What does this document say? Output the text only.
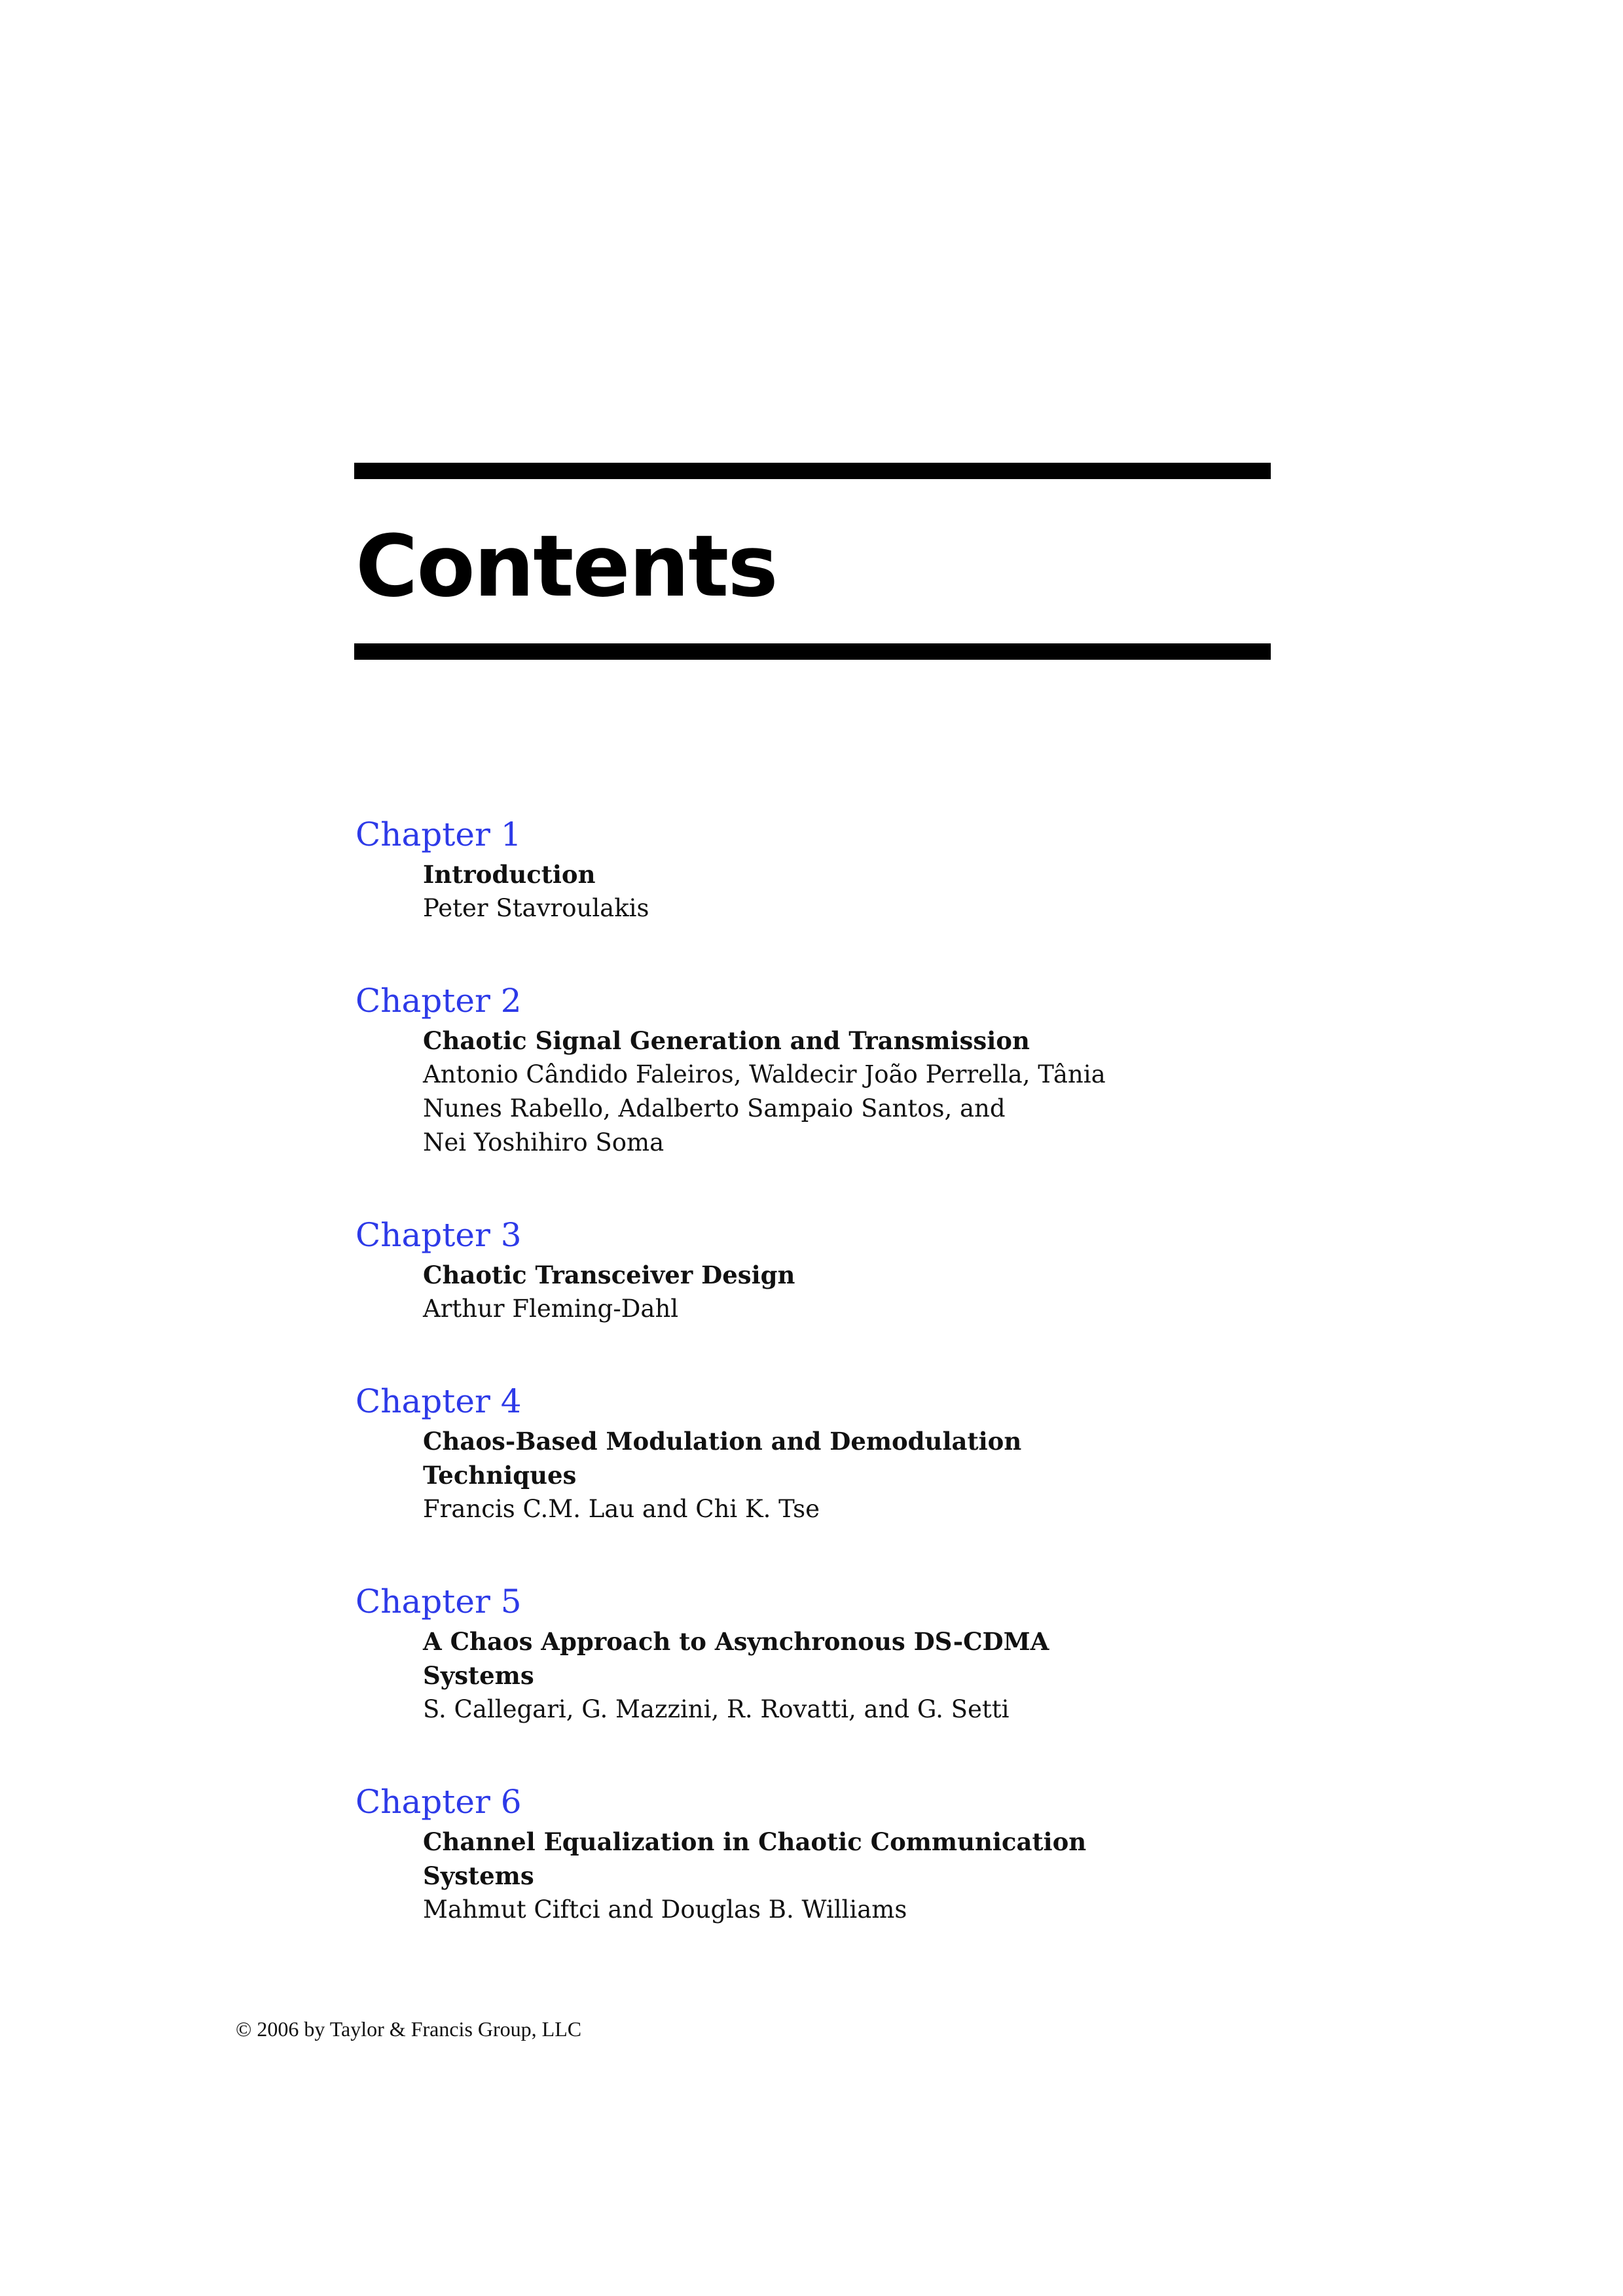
Contents
Chapter 1
Introduction
Peter Stavroulakis
Chapter 2
Chaotic Signal Generation and Transmission
Antonio Cândido Faleiros, Waldecir João Perrella, Tânia
Nunes Rabello, Adalberto Sampaio Santos, and
Nei Yoshihiro Soma
Chapter 3
Chaotic Transceiver Design
Arthur Fleming-Dahl
Chapter 4
Chaos-Based Modulation and Demodulation
Techniques
Francis C.M. Lau and Chi K. Tse
Chapter 5
A Chaos Approach to Asynchronous DS-CDMA
Systems
S. Callegari, G. Mazzini, R. Rovatti, and G. Setti
Chapter 6
Channel Equalization in Chaotic Communication
Systems
Mahmut Ciftci and Douglas B. Williams
© 2006 by Taylor & Francis Group, LLC
